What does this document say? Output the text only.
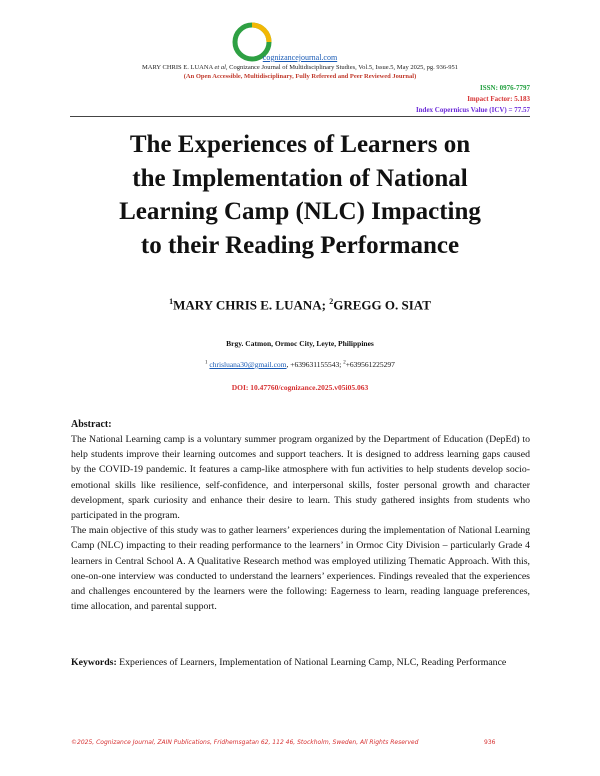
cognizancejournal.com
MARY CHRIS E. LUANA et al, Cognizance Journal of Multidisciplinary Studies, Vol.5, Issue.5, May 2025, pg. 936-951
(An Open Accessible, Multidisciplinary, Fully Refereed and Peer Reviewed Journal)
ISSN: 0976-7797
Impact Factor: 5.183
Index Copernicus Value (ICV) = 77.57
The Experiences of Learners on
the Implementation of National
Learning Camp (NLC) Impacting
to their Reading Performance
$^1$MARY CHRIS E. LUANA; $^2$GREGG O. SIAT
Brgy. Catmon, Ormoc City, Leyte, Philippines
$^1$ chrisluana30@gmail.com, +639631155543; $^2$+639561225297
DOI: 10.47760/cognizance.2025.v05i05.063
Abstract:

The National Learning camp is a voluntary summer program organized by the Department of Education (DepEd) to help students improve their learning outcomes and support teachers. It is designed to address learning gaps caused by the COVID-19 pandemic. It features a camp-like atmosphere with fun activities to help students develop socio-emotional skills like resilience, self-confidence, and interpersonal skills, foster personal growth and character development, spark curiosity and enhance their desire to learn. This study gathered insights from students who participated in the program.

The main objective of this study was to gather learners’ experiences during the implementation of National Learning Camp (NLC) impacting to their reading performance to the learners’ in Ormoc City Division – particularly Grade 4 learners in Central School A. A Qualitative Research method was employed utilizing Thematic Approach. With this, one-on-one interview was conducted to understand the learners’ experiences. Findings revealed that the experiences and challenges encountered by the learners were the following: Eagerness to learn, reading language preferences, time allocation, and parental support.

Keywords: Experiences of Learners, Implementation of National Learning Camp, NLC, Reading Performance
©2025, Cognizance Journal, ZAIN Publications, Fridhemsgatan 62, 112 46, Stockholm, Sweden, All Rights Reserved	936
